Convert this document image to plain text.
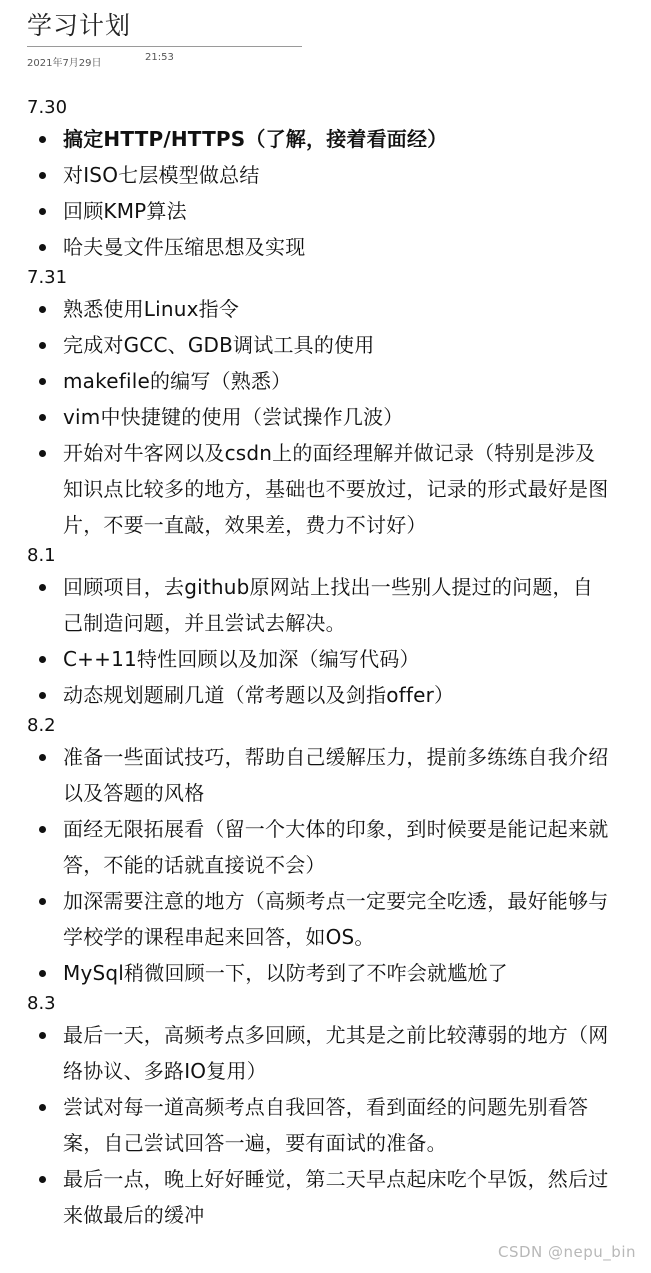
学习计划
2021年7月29日
21:53
7.30
搞定HTTP/HTTPS（了解，接着看面经）
对ISO七层模型做总结
回顾KMP算法
哈夫曼文件压缩思想及实现
7.31
熟悉使用Linux指令
完成对GCC、GDB调试工具的使用
makefile的编写（熟悉）
vim中快捷键的使用（尝试操作几波）
开始对牛客网以及csdn上的面经理解并做记录（特别是涉及知识点比较多的地方，基础也不要放过，记录的形式最好是图片，不要一直敲，效果差，费力不讨好）
8.1
回顾项目，去github原网站上找出一些别人提过的问题，自己制造问题，并且尝试去解决。
C++11特性回顾以及加深（编写代码）
动态规划题刷几道（常考题以及剑指offer）
8.2
准备一些面试技巧，帮助自己缓解压力，提前多练练自我介绍以及答题的风格
面经无限拓展看（留一个大体的印象，到时候要是能记起来就答，不能的话就直接说不会）
加深需要注意的地方（高频考点一定要完全吃透，最好能够与学校学的课程串起来回答，如OS。
MySql稍微回顾一下，以防考到了不咋会就尴尬了
8.3
最后一天，高频考点多回顾，尤其是之前比较薄弱的地方（网络协议、多路IO复用）
尝试对每一道高频考点自我回答，看到面经的问题先别看答案，自己尝试回答一遍，要有面试的准备。
最后一点，晚上好好睡觉，第二天早点起床吃个早饭，然后过来做最后的缓冲
CSDN @nepu_bin
